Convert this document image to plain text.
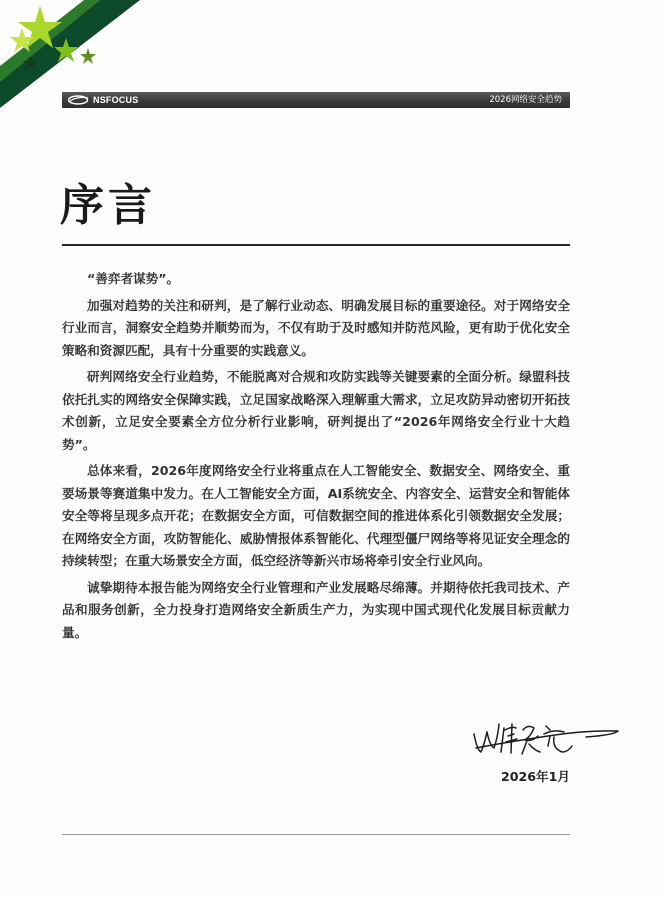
NSFOCUS	2026网络安全趋势
序言

“善弈者谋势”。

加强对趋势的关注和研判，是了解行业动态、明确发展目标的重要途径。对于网络安全行业而言，洞察安全趋势并顺势而为，不仅有助于及时感知并防范风险，更有助于优化安全策略和资源匹配，具有十分重要的实践意义。

研判网络安全行业趋势，不能脱离对合规和攻防实践等关键要素的全面分析。绿盟科技依托扎实的网络安全保障实践，立足国家战略深入理解重大需求，立足攻防异动密切开拓技术创新，立足安全要素全方位分析行业影响，研判提出了“2026年网络安全行业十大趋势”。

总体来看，2026年度网络安全行业将重点在人工智能安全、数据安全、网络安全、重要场景等赛道集中发力。在人工智能安全方面，AI系统安全、内容安全、运营安全和智能体安全等将呈现多点开花；在数据安全方面，可信数据空间的推进体系化引领数据安全发展；在网络安全方面，攻防智能化、威胁情报体系智能化、代理型僵尸网络等将见证安全理念的持续转型；在重大场景安全方面，低空经济等新兴市场将牵引安全行业风向。

诚挚期待本报告能为网络安全行业管理和产业发展略尽绵薄。并期待依托我司技术、产品和服务创新，全力投身打造网络安全新质生产力，为实现中国式现代化发展目标贡献力量。

2026年1月
